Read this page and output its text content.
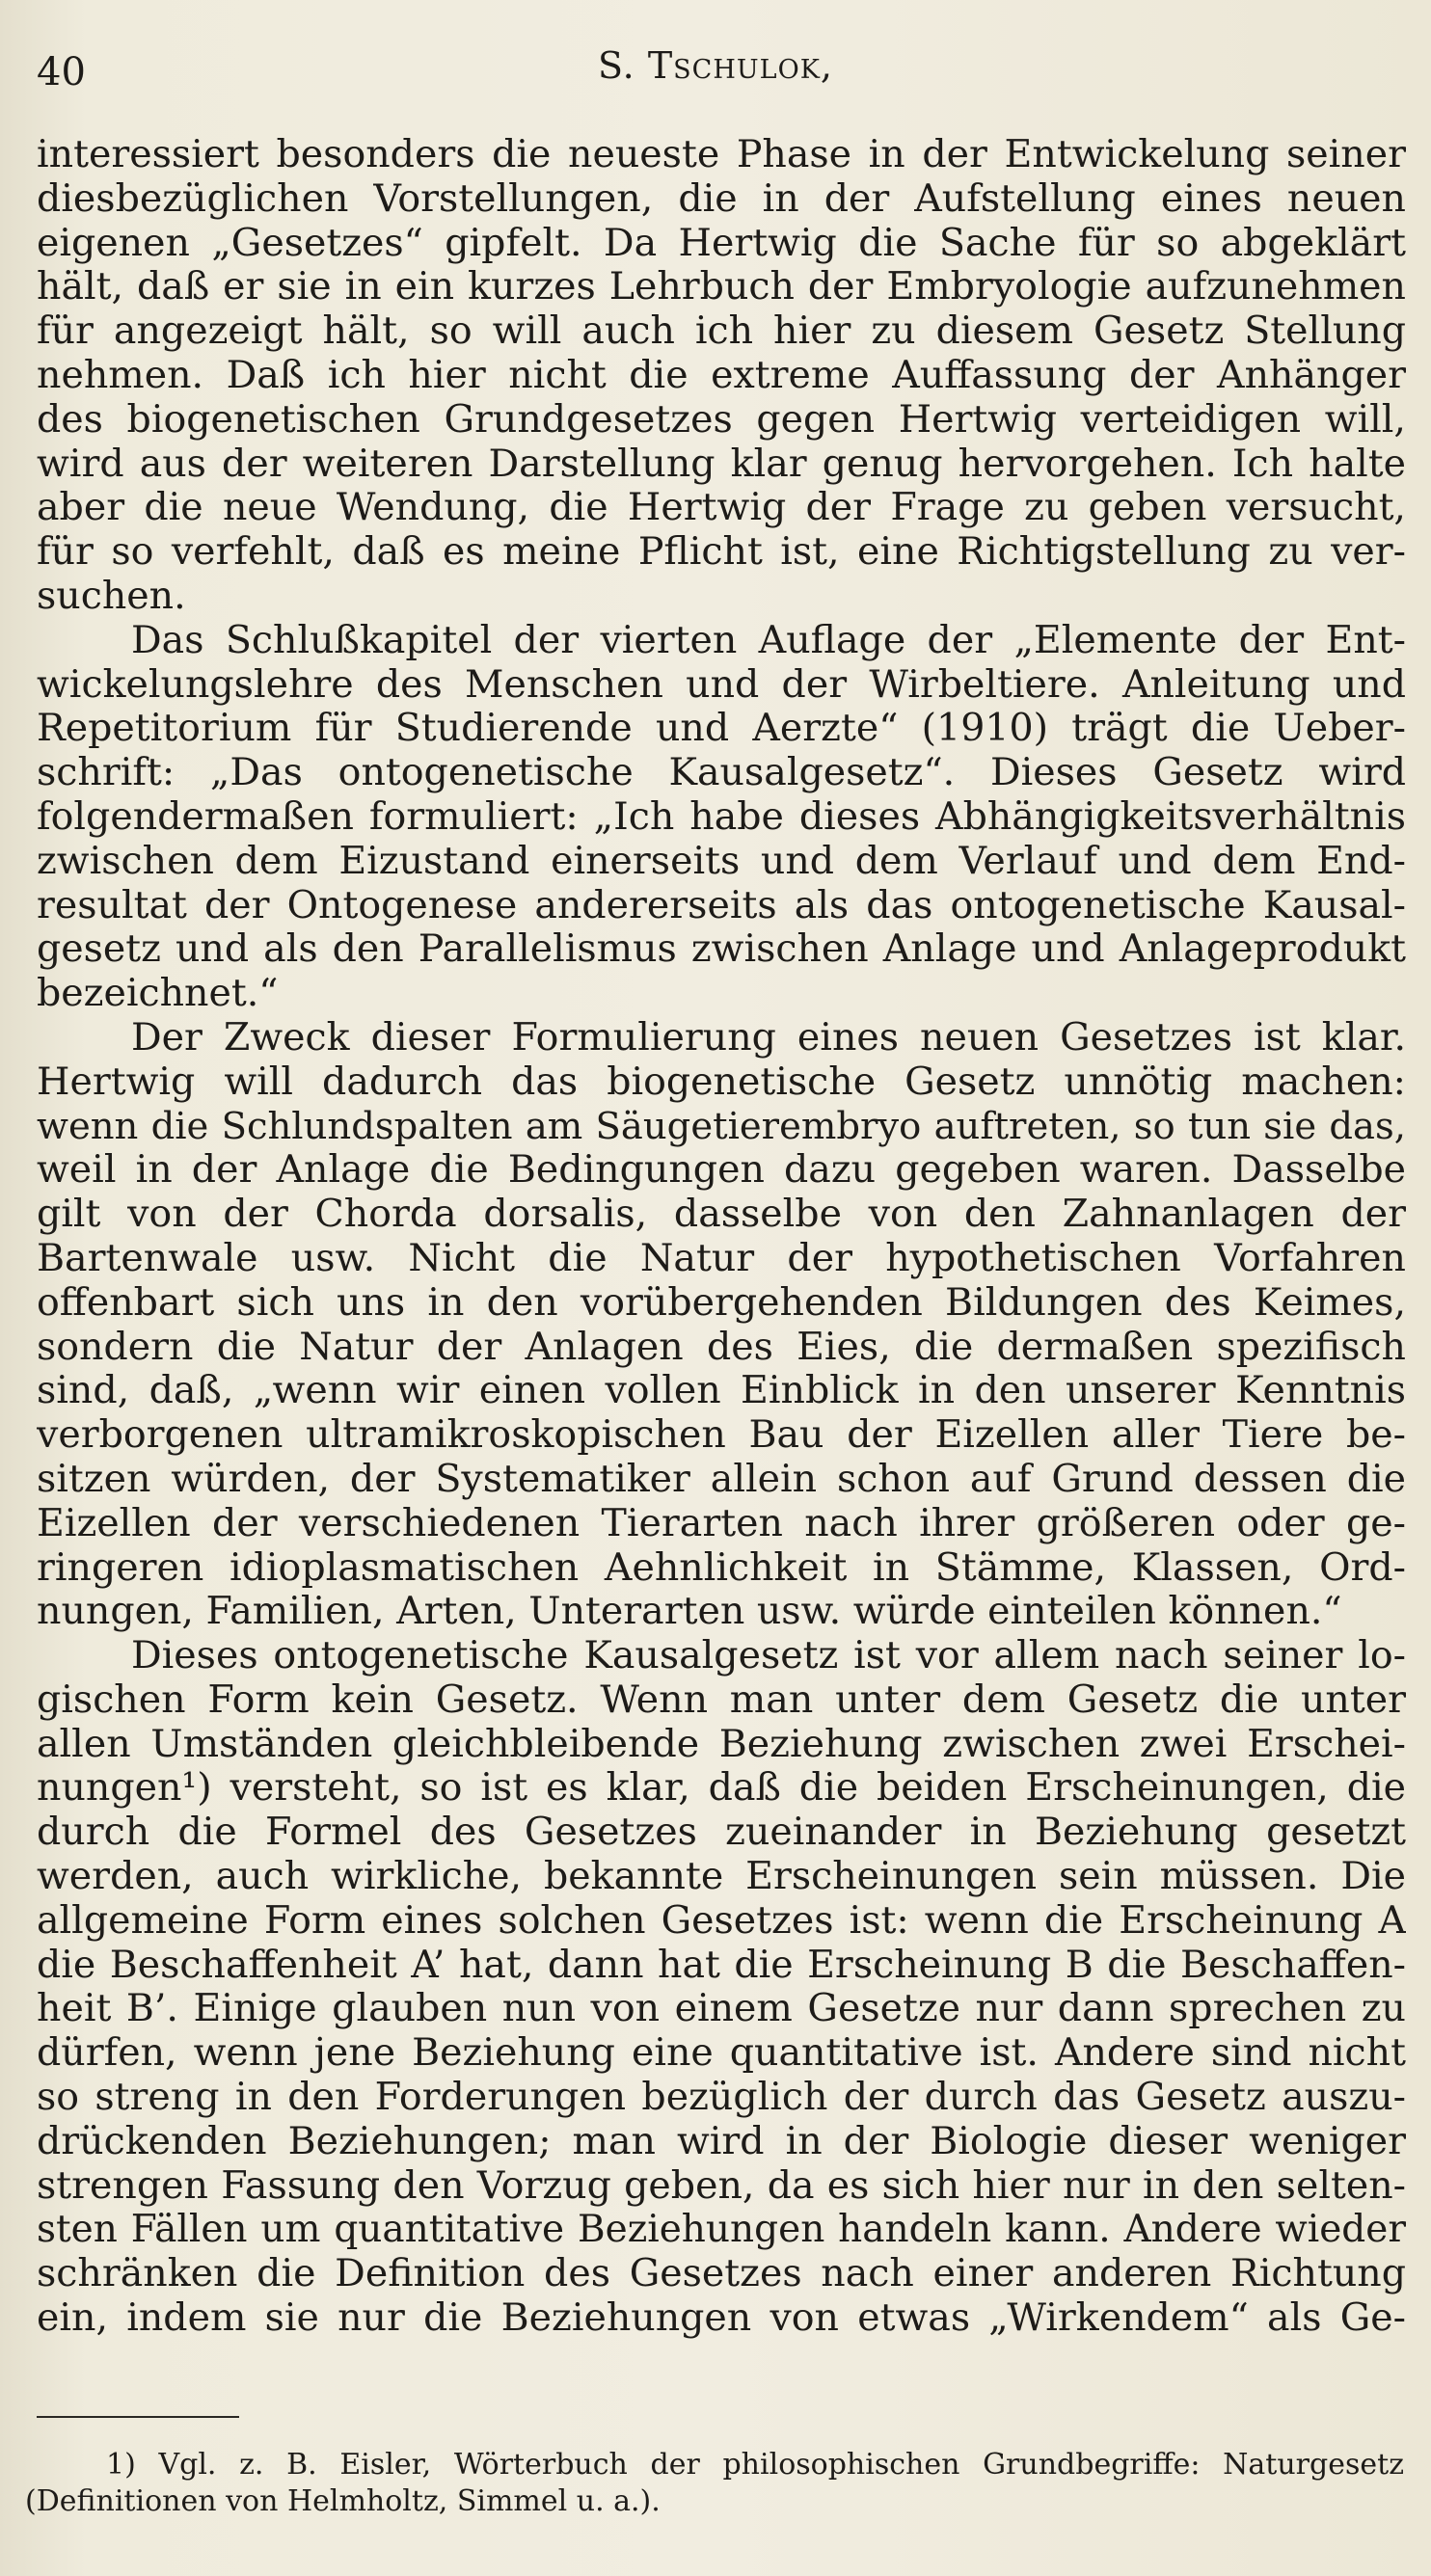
40	S. Tschulok,
interessiert besonders die neueste Phase in der Entwickelung seiner
diesbezüglichen Vorstellungen, die in der Aufstellung eines neuen
eigenen „Gesetzes“ gipfelt. Da Hertwig die Sache für so abgeklärt
hält, daß er sie in ein kurzes Lehrbuch der Embryologie aufzunehmen
für angezeigt hält, so will auch ich hier zu diesem Gesetz Stellung
nehmen. Daß ich hier nicht die extreme Auffassung der Anhänger
des biogenetischen Grundgesetzes gegen Hertwig verteidigen will,
wird aus der weiteren Darstellung klar genug hervorgehen. Ich halte
aber die neue Wendung, die Hertwig der Frage zu geben versucht,
für so verfehlt, daß es meine Pflicht ist, eine Richtigstellung zu ver-
suchen.
Das Schlußkapitel der vierten Auflage der „Elemente der Ent-
wickelungslehre des Menschen und der Wirbeltiere. Anleitung und
Repetitorium für Studierende und Aerzte“ (1910) trägt die Ueber-
schrift: „Das ontogenetische Kausalgesetz“. Dieses Gesetz wird
folgendermaßen formuliert: „Ich habe dieses Abhängigkeitsverhältnis
zwischen dem Eizustand einerseits und dem Verlauf und dem End-
resultat der Ontogenese andererseits als das ontogenetische Kausal-
gesetz und als den Parallelismus zwischen Anlage und Anlageprodukt
bezeichnet.“
Der Zweck dieser Formulierung eines neuen Gesetzes ist klar.
Hertwig will dadurch das biogenetische Gesetz unnötig machen:
wenn die Schlundspalten am Säugetierembryo auftreten, so tun sie das,
weil in der Anlage die Bedingungen dazu gegeben waren. Dasselbe
gilt von der Chorda dorsalis, dasselbe von den Zahnanlagen der
Bartenwale usw. Nicht die Natur der hypothetischen Vorfahren
offenbart sich uns in den vorübergehenden Bildungen des Keimes,
sondern die Natur der Anlagen des Eies, die dermaßen spezifisch
sind, daß, „wenn wir einen vollen Einblick in den unserer Kenntnis
verborgenen ultramikroskopischen Bau der Eizellen aller Tiere be-
sitzen würden, der Systematiker allein schon auf Grund dessen die
Eizellen der verschiedenen Tierarten nach ihrer größeren oder ge-
ringeren idioplasmatischen Aehnlichkeit in Stämme, Klassen, Ord-
nungen, Familien, Arten, Unterarten usw. würde einteilen können.“
Dieses ontogenetische Kausalgesetz ist vor allem nach seiner lo-
gischen Form kein Gesetz. Wenn man unter dem Gesetz die unter
allen Umständen gleichbleibende Beziehung zwischen zwei Erschei-
nungen¹) versteht, so ist es klar, daß die beiden Erscheinungen, die
durch die Formel des Gesetzes zueinander in Beziehung gesetzt
werden, auch wirkliche, bekannte Erscheinungen sein müssen. Die
allgemeine Form eines solchen Gesetzes ist: wenn die Erscheinung A
die Beschaffenheit A’ hat, dann hat die Erscheinung B die Beschaffen-
heit B’. Einige glauben nun von einem Gesetze nur dann sprechen zu
dürfen, wenn jene Beziehung eine quantitative ist. Andere sind nicht
so streng in den Forderungen bezüglich der durch das Gesetz auszu-
drückenden Beziehungen; man wird in der Biologie dieser weniger
strengen Fassung den Vorzug geben, da es sich hier nur in den selten-
sten Fällen um quantitative Beziehungen handeln kann. Andere wieder
schränken die Definition des Gesetzes nach einer anderen Richtung
ein, indem sie nur die Beziehungen von etwas „Wirkendem“ als Ge-
1) Vgl. z. B. Eisler, Wörterbuch der philosophischen Grundbegriffe: Naturgesetz
(Definitionen von Helmholtz, Simmel u. a.).
